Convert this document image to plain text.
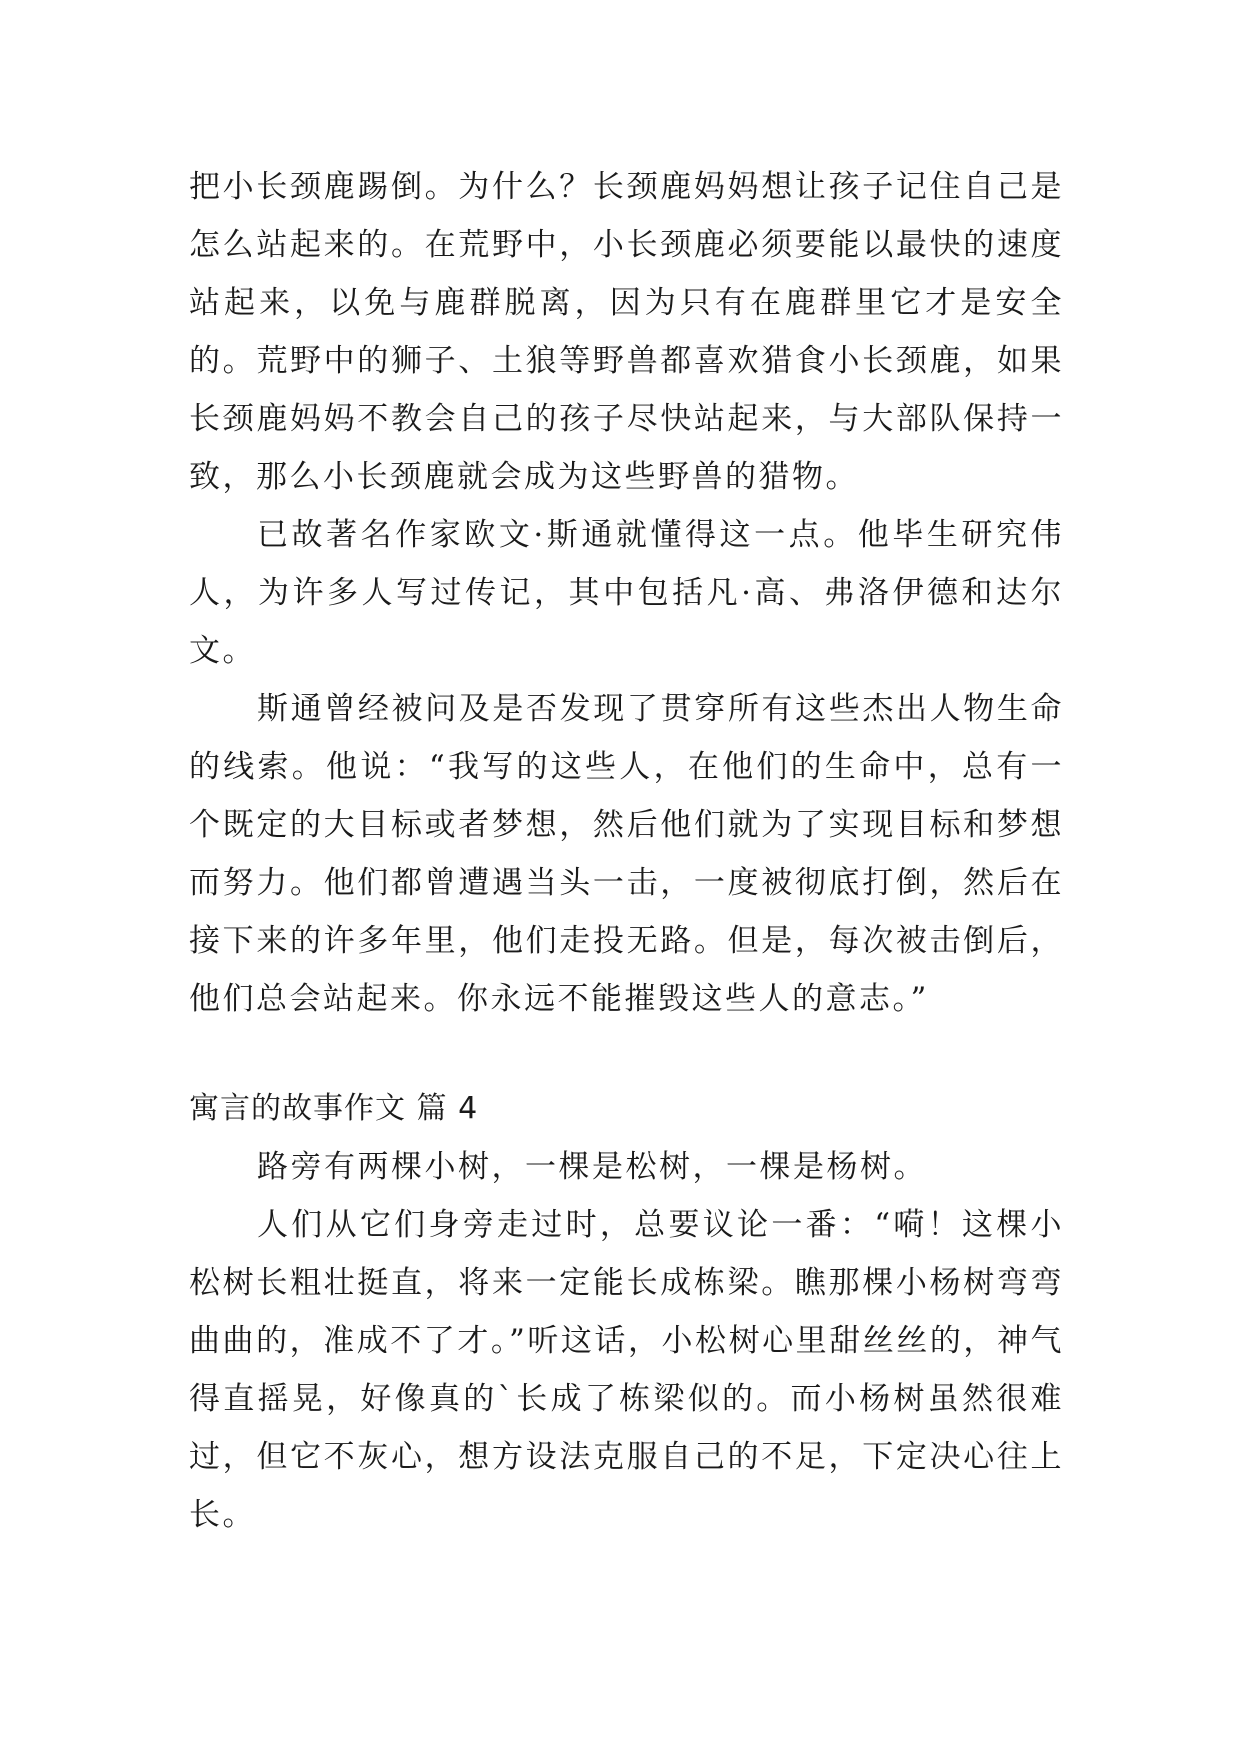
把小长颈鹿踢倒。为什么？长颈鹿妈妈想让孩子记住自己是怎么站起来的。在荒野中，小长颈鹿必须要能以最快的速度站起来，以免与鹿群脱离，因为只有在鹿群里它才是安全的。荒野中的狮子、土狼等野兽都喜欢猎食小长颈鹿，如果长颈鹿妈妈不教会自己的孩子尽快站起来，与大部队保持一致，那么小长颈鹿就会成为这些野兽的猎物。

已故著名作家欧文·斯通就懂得这一点。他毕生研究伟人，为许多人写过传记，其中包括凡·高、弗洛伊德和达尔文。

斯通曾经被问及是否发现了贯穿所有这些杰出人物生命的线索。他说：“我写的这些人，在他们的生命中，总有一个既定的大目标或者梦想，然后他们就为了实现目标和梦想而努力。他们都曾遭遇当头一击，一度被彻底打倒，然后在接下来的许多年里，他们走投无路。但是，每次被击倒后，他们总会站起来。你永远不能摧毁这些人的意志。”

寓言的故事作文 篇 4

路旁有两棵小树，一棵是松树，一棵是杨树。

人们从它们身旁走过时，总要议论一番：“嗬！这棵小松树长粗壮挺直，将来一定能长成栋梁。瞧那棵小杨树弯弯曲曲的，准成不了才。”听这话，小松树心里甜丝丝的，神气得直摇晃，好像真的`长成了栋梁似的。而小杨树虽然很难过，但它不灰心，想方设法克服自己的不足，下定决心往上长。
